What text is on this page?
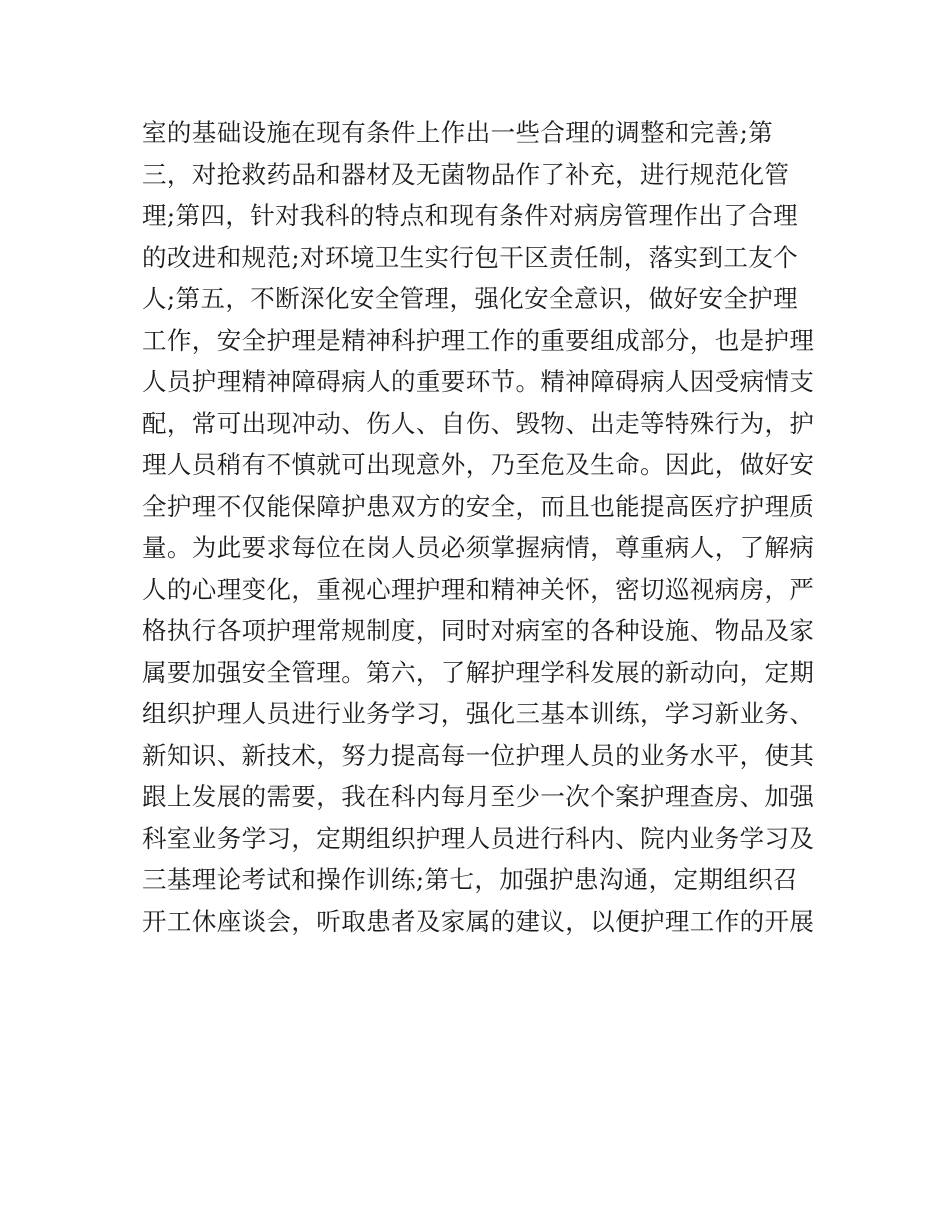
室的基础设施在现有条件上作出一些合理的调整和完善;第
三，对抢救药品和器材及无菌物品作了补充，进行规范化管
理;第四，针对我科的特点和现有条件对病房管理作出了合理
的改进和规范;对环境卫生实行包干区责任制，落实到工友个
人;第五，不断深化安全管理，强化安全意识，做好安全护理
工作，安全护理是精神科护理工作的重要组成部分，也是护理
人员护理精神障碍病人的重要环节。精神障碍病人因受病情支
配，常可出现冲动、伤人、自伤、毁物、出走等特殊行为，护
理人员稍有不慎就可出现意外，乃至危及生命。因此，做好安
全护理不仅能保障护患双方的安全，而且也能提高医疗护理质
量。为此要求每位在岗人员必须掌握病情，尊重病人，了解病
人的心理变化，重视心理护理和精神关怀，密切巡视病房，严
格执行各项护理常规制度，同时对病室的各种设施、物品及家
属要加强安全管理。第六，了解护理学科发展的新动向，定期
组织护理人员进行业务学习，强化三基本训练，学习新业务、
新知识、新技术，努力提高每一位护理人员的业务水平，使其
跟上发展的需要，我在科内每月至少一次个案护理查房、加强
科室业务学习，定期组织护理人员进行科内、院内业务学习及
三基理论考试和操作训练;第七，加强护患沟通，定期组织召
开工休座谈会，听取患者及家属的建议，以便护理工作的开展
